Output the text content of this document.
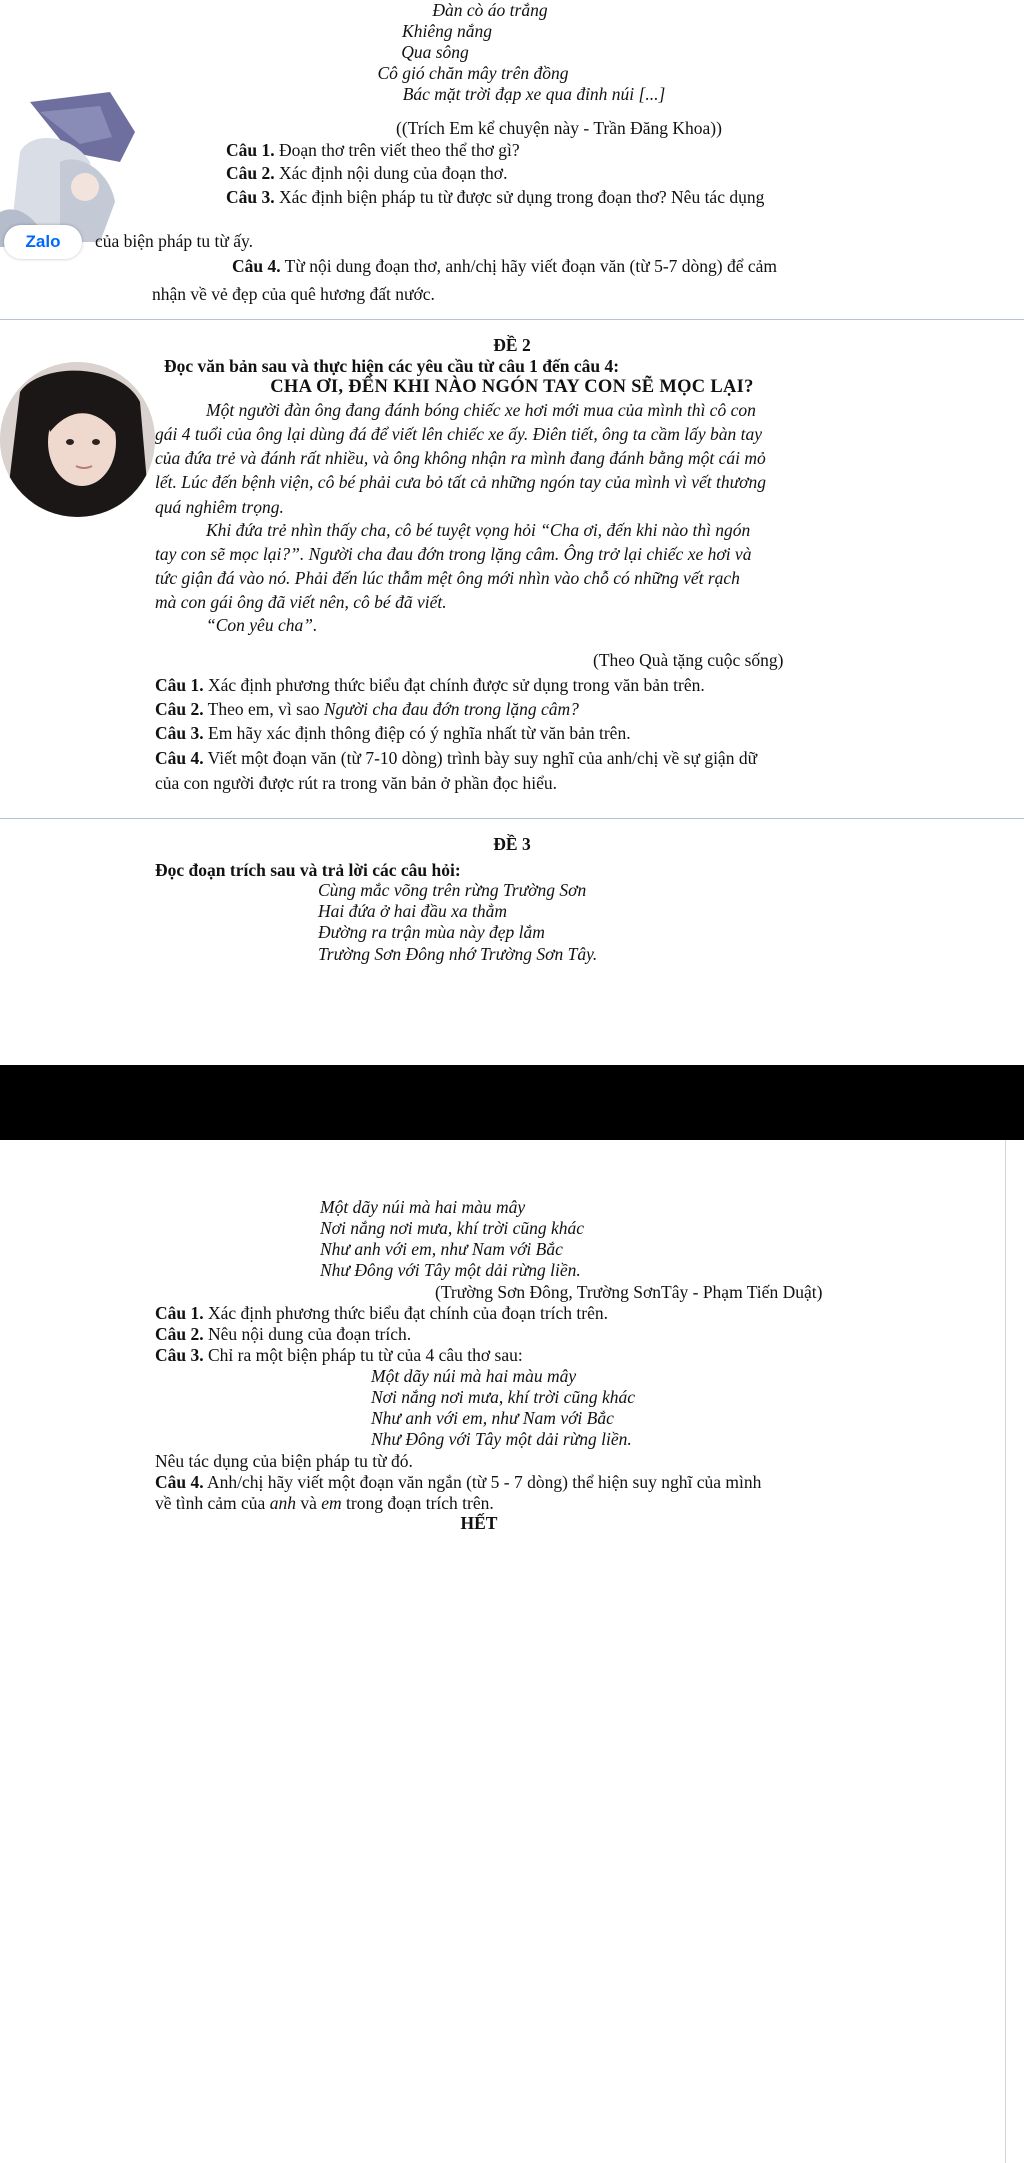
Zalo
Đàn cò áo trắng
Khiêng nắng
Qua sông
Cô gió chăn mây trên đồng
Bác mặt trời đạp xe qua đỉnh núi [...]
((Trích Em kể chuyện này - Trần Đăng Khoa))
Câu 1. Đoạn thơ trên viết theo thể thơ gì?
Câu 2. Xác định nội dung của đoạn thơ.
Câu 3. Xác định biện pháp tu từ được sử dụng trong đoạn thơ? Nêu tác dụng
của biện pháp tu từ ấy.
Câu 4. Từ nội dung đoạn thơ, anh/chị hãy viết đoạn văn (từ 5-7 dòng) để cảm
nhận về vẻ đẹp của quê hương đất nước.
ĐỀ 2
Đọc văn bản sau và thực hiện các yêu cầu từ câu 1 đến câu 4:
CHA ƠI, ĐẾN KHI NÀO NGÓN TAY CON SẼ MỌC LẠI?
Một người đàn ông đang đánh bóng chiếc xe hơi mới mua của mình thì cô con
gái 4 tuổi của ông lại dùng đá để viết lên chiếc xe ấy. Điên tiết, ông ta cầm lấy bàn tay
của đứa trẻ và đánh rất nhiều, và ông không nhận ra mình đang đánh bằng một cái mỏ
lết. Lúc đến bệnh viện, cô bé phải cưa bỏ tất cả những ngón tay của mình vì vết thương
quá nghiêm trọng.
Khi đứa trẻ nhìn thấy cha, cô bé tuyệt vọng hỏi “Cha ơi, đến khi nào thì ngón
tay con sẽ mọc lại?”. Người cha đau đớn trong lặng câm. Ông trở lại chiếc xe hơi và
tức giận đá vào nó. Phải đến lúc thẫm mệt ông mới nhìn vào chỗ có những vết rạch
mà con gái ông đã viết nên, cô bé đã viết.
“Con yêu cha”.
(Theo Quà tặng cuộc sống)
Câu 1. Xác định phương thức biểu đạt chính được sử dụng trong văn bản trên.
Câu 2. Theo em, vì sao Người cha đau đớn trong lặng câm?
Câu 3. Em hãy xác định thông điệp có ý nghĩa nhất từ văn bản trên.
Câu 4. Viết một đoạn văn (từ 7-10 dòng) trình bày suy nghĩ của anh/chị về sự giận dữ
của con người được rút ra trong văn bản ở phần đọc hiểu.
ĐỀ 3
Đọc đoạn trích sau và trả lời các câu hỏi:
Cùng mắc võng trên rừng Trường Sơn
Hai đứa ở hai đầu xa thẳm
Đường ra trận mùa này đẹp lắm
Trường Sơn Đông nhớ Trường Sơn Tây.
Một dãy núi mà hai màu mây
Nơi nắng nơi mưa, khí trời cũng khác
Như anh với em, như Nam với Bắc
Như Đông với Tây một dải rừng liền.
(Trường Sơn Đông, Trường SơnTây - Phạm Tiến Duật)
Câu 1. Xác định phương thức biểu đạt chính của đoạn trích trên.
Câu 2. Nêu nội dung của đoạn trích.
Câu 3. Chỉ ra một biện pháp tu từ của 4 câu thơ sau:
Một dãy núi mà hai màu mây
Nơi nắng nơi mưa, khí trời cũng khác
Như anh với em, như Nam với Bắc
Như Đông với Tây một dải rừng liền.
Nêu tác dụng của biện pháp tu từ đó.
Câu 4. Anh/chị hãy viết một đoạn văn ngắn (từ 5 - 7 dòng) thể hiện suy nghĩ của mình
về tình cảm của anh và em trong đoạn trích trên.
HẾT
